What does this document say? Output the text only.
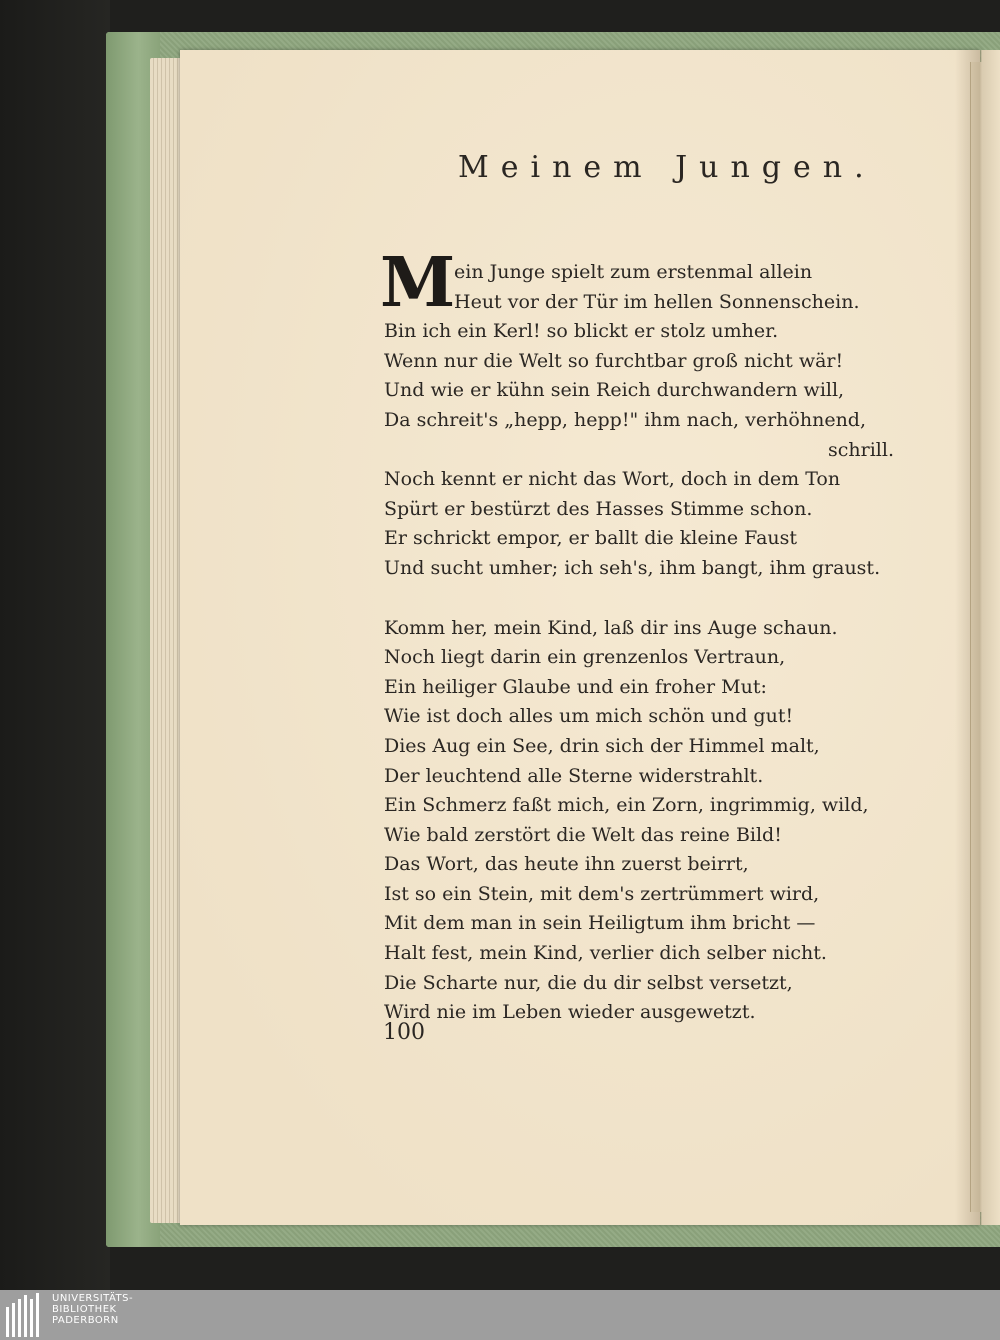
Meinem Jungen.
M
ein Junge spielt zum erstenmal allein
Heut vor der Tür im hellen Sonnenschein.
Bin ich ein Kerl! so blickt er stolz umher.
Wenn nur die Welt so furchtbar groß nicht wär!
Und wie er kühn sein Reich durchwandern will,
Da schreit's „hepp, hepp!" ihm nach, verhöhnend,
schrill.
Noch kennt er nicht das Wort, doch in dem Ton
Spürt er bestürzt des Hasses Stimme schon.
Er schrickt empor, er ballt die kleine Faust
Und sucht umher; ich seh's, ihm bangt, ihm graust.
Komm her, mein Kind, laß dir ins Auge schaun.
Noch liegt darin ein grenzenlos Vertraun,
Ein heiliger Glaube und ein froher Mut:
Wie ist doch alles um mich schön und gut!
Dies Aug ein See, drin sich der Himmel malt,
Der leuchtend alle Sterne widerstrahlt.
Ein Schmerz faßt mich, ein Zorn, ingrimmig, wild,
Wie bald zerstört die Welt das reine Bild!
Das Wort, das heute ihn zuerst beirrt,
Ist so ein Stein, mit dem's zertrümmert wird,
Mit dem man in sein Heiligtum ihm bricht —
Halt fest, mein Kind, verlier dich selber nicht.
Die Scharte nur, die du dir selbst versetzt,
Wird nie im Leben wieder ausgewetzt.
100
UNIVERSITÄTS-
BIBLIOTHEK
PADERBORN
